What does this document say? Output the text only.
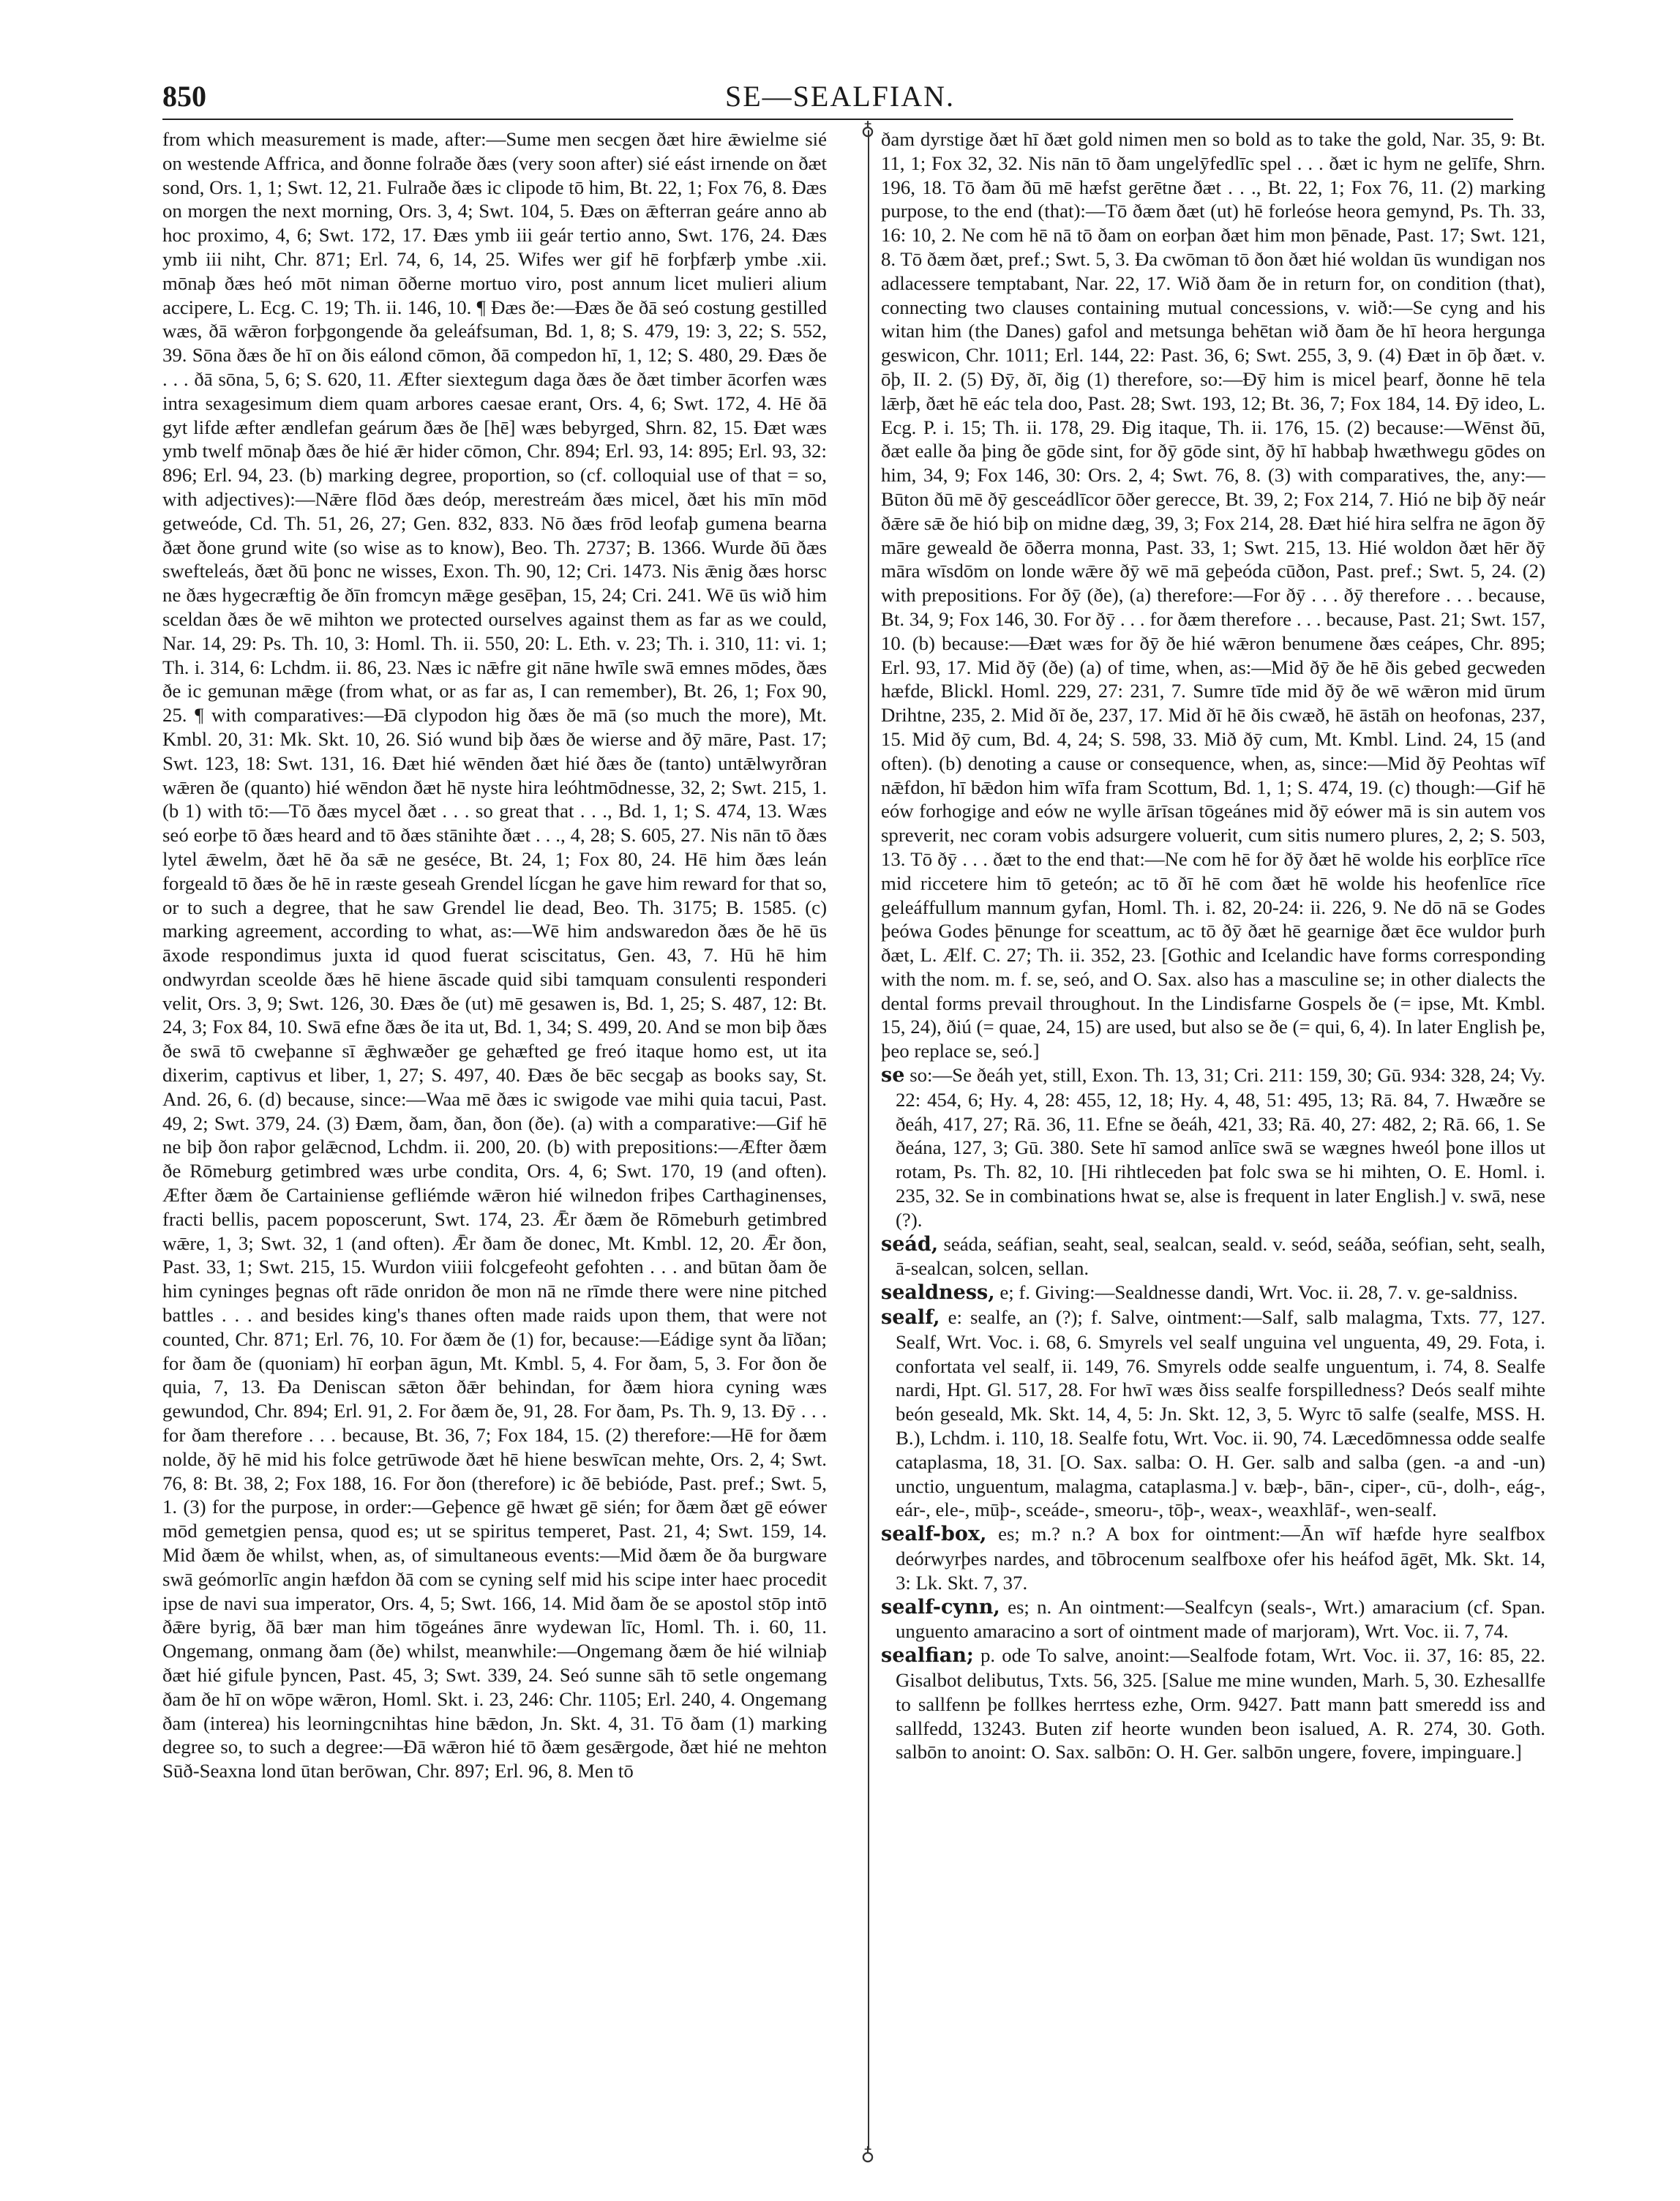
850	SE—SEALFIAN.

from which measurement is made, after:—Sume men secgen ðæt hire ǣwielme sié on westende Affrica, and ðonne folraðe ðæs (very soon after) sié eást irnende on ðæt sond, Ors. 1, 1; Swt. 12, 21. Fulraðe ðæs ic clipode tō him, Bt. 22, 1; Fox 76, 8. Ðæs on morgen the next morning, Ors. 3, 4; Swt. 104, 5. Ðæs on ǣfterran geáre anno ab hoc proximo, 4, 6; Swt. 172, 17. Ðæs ymb iii geár tertio anno, Swt. 176, 24. Ðæs ymb iii niht, Chr. 871; Erl. 74, 6, 14, 25. Wifes wer gif hē forþfærþ ymbe .xii. mōnaþ ðæs heó mōt niman ōðerne mortuo viro, post annum licet mulieri alium accipere, L. Ecg. C. 19; Th. ii. 146, 10. ¶ Ðæs ðe:—Ðæs ðe ðā seó costung gestilled wæs, ðā wǣron forþgongende ða geleáfsuman, Bd. 1, 8; S. 479, 19: 3, 22; S. 552, 39. Sōna ðæs ðe hī on ðis eálond cōmon, ðā compedon hī, 1, 12; S. 480, 29. Ðæs ðe . . . ðā sōna, 5, 6; S. 620, 11. Æfter siextegum daga ðæs ðe ðæt timber ācorfen wæs intra sexagesimum diem quam arbores caesae erant, Ors. 4, 6; Swt. 172, 4. Hē ðā gyt lifde æfter ændlefan geárum ðæs ðe [hē] wæs bebyrged, Shrn. 82, 15. Ðæt wæs ymb twelf mōnaþ ðæs ðe hié ǣr hider cōmon, Chr. 894; Erl. 93, 14: 895; Erl. 93, 32: 896; Erl. 94, 23. (b) marking degree, proportion, so (cf. colloquial use of that = so, with adjectives):—Nǣre flōd ðæs deóp, merestreám ðæs micel, ðæt his mīn mōd getweóde, Cd. Th. 51, 26, 27; Gen. 832, 833. Nō ðæs frōd leofaþ gumena bearna ðæt ðone grund wite (so wise as to know), Beo. Th. 2737; B. 1366. Wurde ðū ðæs swefteleás, ðæt ðū þonc ne wisses, Exon. Th. 90, 12; Cri. 1473. Nis ǣnig ðæs horsc ne ðæs hygecræftig ðe ðīn fromcyn mǣge gesēþan, 15, 24; Cri. 241. Wē ūs wið him sceldan ðæs ðe wē mihton we protected ourselves against them as far as we could, Nar. 14, 29: Ps. Th. 10, 3: Homl. Th. ii. 550, 20: L. Eth. v. 23; Th. i. 310, 11: vi. 1; Th. i. 314, 6: Lchdm. ii. 86, 23. Næs ic nǣfre git nāne hwīle swā emnes mōdes, ðæs ðe ic gemunan mǣge (from what, or as far as, I can remember), Bt. 26, 1; Fox 90, 25. ¶ with comparatives:—Ðā clypodon hig ðæs ðe mā (so much the more), Mt. Kmbl. 20, 31: Mk. Skt. 10, 26. Sió wund biþ ðæs ðe wierse and ðȳ māre, Past. 17; Swt. 123, 18: Swt. 131, 16. Ðæt hié wēnden ðæt hié ðæs ðe (tanto) untǣlwyrðran wǣren ðe (quanto) hié wēndon ðæt hē nyste hira leóhtmōdnesse, 32, 2; Swt. 215, 1. (b 1) with tō:—Tō ðæs mycel ðæt . . . so great that . . ., Bd. 1, 1; S. 474, 13. Wæs seó eorþe tō ðæs heard and tō ðæs stānihte ðæt . . ., 4, 28; S. 605, 27. Nis nān tō ðæs lytel ǣwelm, ðæt hē ða sǣ ne geséce, Bt. 24, 1; Fox 80, 24. Hē him ðæs leán forgeald tō ðæs ðe hē in ræste geseah Grendel lícgan he gave him reward for that so, or to such a degree, that he saw Grendel lie dead, Beo. Th. 3175; B. 1585. (c) marking agreement, according to what, as:—Wē him andswaredon ðæs ðe hē ūs āxode respondimus juxta id quod fuerat sciscitatus, Gen. 43, 7. Hū hē him ondwyrdan sceolde ðæs hē hiene āscade quid sibi tamquam consulenti responderi velit, Ors. 3, 9; Swt. 126, 30. Ðæs ðe (ut) mē gesawen is, Bd. 1, 25; S. 487, 12: Bt. 24, 3; Fox 84, 10. Swā efne ðæs ðe ita ut, Bd. 1, 34; S. 499, 20. And se mon biþ ðæs ðe swā tō cweþanne sī ǣghwæðer ge gehæfted ge freó itaque homo est, ut ita dixerim, captivus et liber, 1, 27; S. 497, 40. Ðæs ðe bēc secgaþ as books say, St. And. 26, 6. (d) because, since:—Waa mē ðæs ic swigode vae mihi quia tacui, Past. 49, 2; Swt. 379, 24. (3) Ðæm, ðam, ðan, ðon (ðe). (a) with a comparative:—Gif hē ne biþ ðon raþor gelǣcnod, Lchdm. ii. 200, 20. (b) with prepositions:—Æfter ðæm ðe Rōmeburg getimbred wæs urbe condita, Ors. 4, 6; Swt. 170, 19 (and often). Æfter ðæm ðe Cartainiense gefliémde wǣron hié wilnedon friþes Carthaginenses, fracti bellis, pacem poposcerunt, Swt. 174, 23. Ǣr ðæm ðe Rōmeburh getimbred wǣre, 1, 3; Swt. 32, 1 (and often). Ǣr ðam ðe donec, Mt. Kmbl. 12, 20. Ǣr ðon, Past. 33, 1; Swt. 215, 15. Wurdon viiii folcgefeoht gefohten . . . and būtan ðam ðe him cyninges þegnas oft rāde onridon ðe mon nā ne rīmde there were nine pitched battles . . . and besides king's thanes often made raids upon them, that were not counted, Chr. 871; Erl. 76, 10. For ðæm ðe (1) for, because:—Eádige synt ða līðan; for ðam ðe (quoniam) hī eorþan āgun, Mt. Kmbl. 5, 4. For ðam, 5, 3. For ðon ðe quia, 7, 13. Ða Deniscan sǣton ðǣr behindan, for ðæm hiora cyning wæs gewundod, Chr. 894; Erl. 91, 2. For ðæm ðe, 91, 28. For ðam, Ps. Th. 9, 13. Ðȳ . . . for ðam therefore . . . because, Bt. 36, 7; Fox 184, 15. (2) therefore:—Hē for ðæm nolde, ðȳ hē mid his folce getrūwode ðæt hē hiene beswīcan mehte, Ors. 2, 4; Swt. 76, 8: Bt. 38, 2; Fox 188, 16. For ðon (therefore) ic ðē bebióde, Past. pref.; Swt. 5, 1. (3) for the purpose, in order:—Geþence gē hwæt gē sién; for ðæm ðæt gē eówer mōd gemetgien pensa, quod es; ut se spiritus temperet, Past. 21, 4; Swt. 159, 14. Mid ðæm ðe whilst, when, as, of simultaneous events:—Mid ðæm ðe ða burgware swā geómorlīc angin hæfdon ðā com se cyning self mid his scipe inter haec procedit ipse de navi sua imperator, Ors. 4, 5; Swt. 166, 14. Mid ðam ðe se apostol stōp intō ðǣre byrig, ðā bær man him tōgeánes ānre wydewan līc, Homl. Th. i. 60, 11. Ongemang, onmang ðam (ðe) whilst, meanwhile:—Ongemang ðæm ðe hié wilniaþ ðæt hié gifule þyncen, Past. 45, 3; Swt. 339, 24. Seó sunne sāh tō setle ongemang ðam ðe hī on wōpe wǣron, Homl. Skt. i. 23, 246: Chr. 1105; Erl. 240, 4. Ongemang ðam (interea) his leorningcnihtas hine bǣdon, Jn. Skt. 4, 31. Tō ðam (1) marking degree so, to such a degree:—Ðā wǣron hié tō ðæm gesǣrgode, ðæt hié ne mehton Sūð-Seaxna lond ūtan berōwan, Chr. 897; Erl. 96, 8. Men tō

♁
♁

ðam dyrstige ðæt hī ðæt gold nimen men so bold as to take the gold, Nar. 35, 9: Bt. 11, 1; Fox 32, 32. Nis nān tō ðam ungelȳfedlīc spel . . . ðæt ic hym ne gelīfe, Shrn. 196, 18. Tō ðam ðū mē hæfst gerētne ðæt . . ., Bt. 22, 1; Fox 76, 11. (2) marking purpose, to the end (that):—Tō ðæm ðæt (ut) hē forleóse heora gemynd, Ps. Th. 33, 16: 10, 2. Ne com hē nā tō ðam on eorþan ðæt him mon þēnade, Past. 17; Swt. 121, 8. Tō ðæm ðæt, pref.; Swt. 5, 3. Ða cwōman tō ðon ðæt hié woldan ūs wundigan nos adlacessere temptabant, Nar. 22, 17. Wið ðam ðe in return for, on condition (that), connecting two clauses containing mutual concessions, v. wið:—Se cyng and his witan him (the Danes) gafol and metsunga behētan wið ðam ðe hī heora hergunga geswicon, Chr. 1011; Erl. 144, 22: Past. 36, 6; Swt. 255, 3, 9. (4) Ðæt in ōþ ðæt. v. ōþ, II. 2. (5) Ðȳ, ðī, ðig (1) therefore, so:—Ðȳ him is micel þearf, ðonne hē tela lǣrþ, ðæt hē eác tela doo, Past. 28; Swt. 193, 12; Bt. 36, 7; Fox 184, 14. Ðȳ ideo, L. Ecg. P. i. 15; Th. ii. 178, 29. Ðig itaque, Th. ii. 176, 15. (2) because:—Wēnst ðū, ðæt ealle ða þing ðe gōde sint, for ðȳ gōde sint, ðȳ hī habbaþ hwæthwegu gōdes on him, 34, 9; Fox 146, 30: Ors. 2, 4; Swt. 76, 8. (3) with comparatives, the, any:—Būton ðū mē ðȳ gesceádlīcor ōðer gerecce, Bt. 39, 2; Fox 214, 7. Hió ne biþ ðȳ neár ðǣre sǣ ðe hió biþ on midne dæg, 39, 3; Fox 214, 28. Ðæt hié hira selfra ne āgon ðȳ māre geweald ðe ōðerra monna, Past. 33, 1; Swt. 215, 13. Hié woldon ðæt hēr ðȳ māra wīsdōm on londe wǣre ðȳ wē mā geþeóda cūðon, Past. pref.; Swt. 5, 24. (2) with prepositions. For ðȳ (ðe), (a) therefore:—For ðȳ . . . ðȳ therefore . . . because, Bt. 34, 9; Fox 146, 30. For ðȳ . . . for ðæm therefore . . . because, Past. 21; Swt. 157, 10. (b) because:—Ðæt wæs for ðȳ ðe hié wǣron benumene ðæs ceápes, Chr. 895; Erl. 93, 17. Mid ðȳ (ðe) (a) of time, when, as:—Mid ðȳ ðe hē ðis gebed gecweden hæfde, Blickl. Homl. 229, 27: 231, 7. Sumre tīde mid ðȳ ðe wē wǣron mid ūrum Drihtne, 235, 2. Mid ðī ðe, 237, 17. Mid ðī hē ðis cwæð, hē āstāh on heofonas, 237, 15. Mid ðȳ cum, Bd. 4, 24; S. 598, 33. Mið ðȳ cum, Mt. Kmbl. Lind. 24, 15 (and often). (b) denoting a cause or consequence, when, as, since:—Mid ðȳ Peohtas wīf nǣfdon, hī bǣdon him wīfa fram Scottum, Bd. 1, 1; S. 474, 19. (c) though:—Gif hē eów forhogige and eów ne wylle ārīsan tōgeánes mid ðȳ eówer mā is sin autem vos spreverit, nec coram vobis adsurgere voluerit, cum sitis numero plures, 2, 2; S. 503, 13. Tō ðȳ . . . ðæt to the end that:—Ne com hē for ðȳ ðæt hē wolde his eorþlīce rīce mid riccetere him tō geteón; ac tō ðī hē com ðæt hē wolde his heofenlīce rīce geleáffullum mannum gyfan, Homl. Th. i. 82, 20-24: ii. 226, 9. Ne dō nā se Godes þeówa Godes þēnunge for sceattum, ac tō ðȳ ðæt hē gearnige ðæt ēce wuldor þurh ðæt, L. Ælf. C. 27; Th. ii. 352, 23. [Gothic and Icelandic have forms corresponding with the nom. m. f. se, seó, and O. Sax. also has a masculine se; in other dialects the dental forms prevail throughout. In the Lindisfarne Gospels ðe (= ipse, Mt. Kmbl. 15, 24), ðiú (= quae, 24, 15) are used, but also se ðe (= qui, 6, 4). In later English þe, þeo replace se, seó.]

se so:—Se ðeáh yet, still, Exon. Th. 13, 31; Cri. 211: 159, 30; Gū. 934: 328, 24; Vy. 22: 454, 6; Hy. 4, 28: 455, 12, 18; Hy. 4, 48, 51: 495, 13; Rā. 84, 7. Hwæðre se ðeáh, 417, 27; Rā. 36, 11. Efne se ðeáh, 421, 33; Rā. 40, 27: 482, 2; Rā. 66, 1. Se ðeána, 127, 3; Gū. 380. Sete hī samod anlīce swā se wægnes hweól þone illos ut rotam, Ps. Th. 82, 10. [Hi rihtleceden þat folc swa se hi mihten, O. E. Homl. i. 235, 32. Se in combinations hwat se, alse is frequent in later English.] v. swā, nese (?).

seád, seáda, seáfian, seaht, seal, sealcan, seald. v. seód, seáða, seófian, seht, sealh, ā-sealcan, solcen, sellan.

sealdness, e; f. Giving:—Sealdnesse dandi, Wrt. Voc. ii. 28, 7. v. ge-saldniss.

sealf, e: sealfe, an (?); f. Salve, ointment:—Salf, salb malagma, Txts. 77, 127. Sealf, Wrt. Voc. i. 68, 6. Smyrels vel sealf unguina vel unguenta, 49, 29. Fota, i. confortata vel sealf, ii. 149, 76. Smyrels odde sealfe unguentum, i. 74, 8. Sealfe nardi, Hpt. Gl. 517, 28. For hwī wæs ðiss sealfe forspilledness? Deós sealf mihte beón geseald, Mk. Skt. 14, 4, 5: Jn. Skt. 12, 3, 5. Wyrc tō salfe (sealfe, MSS. H. B.), Lchdm. i. 110, 18. Sealfe fotu, Wrt. Voc. ii. 90, 74. Læcedōmnessa odde sealfe cataplasma, 18, 31. [O. Sax. salba: O. H. Ger. salb and salba (gen. -a and -un) unctio, unguentum, malagma, cataplasma.] v. bæþ-, bān-, ciper-, cū-, dolh-, eág-, eár-, ele-, mūþ-, sceáde-, smeoru-, tōþ-, weax-, weaxhlāf-, wen-sealf.

sealf-box, es; m.? n.? A box for ointment:—Ān wīf hæfde hyre sealfbox deórwyrþes nardes, and tōbrocenum sealfboxe ofer his heáfod āgēt, Mk. Skt. 14, 3: Lk. Skt. 7, 37.

sealf-cynn, es; n. An ointment:—Sealfcyn (seals-, Wrt.) amaracium (cf. Span. unguento amaracino a sort of ointment made of marjoram), Wrt. Voc. ii. 7, 74.

sealfian; p. ode To salve, anoint:—Sealfode fotam, Wrt. Voc. ii. 37, 16: 85, 22. Gisalbot delibutus, Txts. 56, 325. [Salue me mine wunden, Marh. 5, 30. Ezhesallfe to sallfenn þe follkes herrtess ezhe, Orm. 9427. Þatt mann þatt smeredd iss and sallfedd, 13243. Buten zif heorte wunden beon isalued, A. R. 274, 30. Goth. salbōn to anoint: O. Sax. salbōn: O. H. Ger. salbōn ungere, fovere, impinguare.]
